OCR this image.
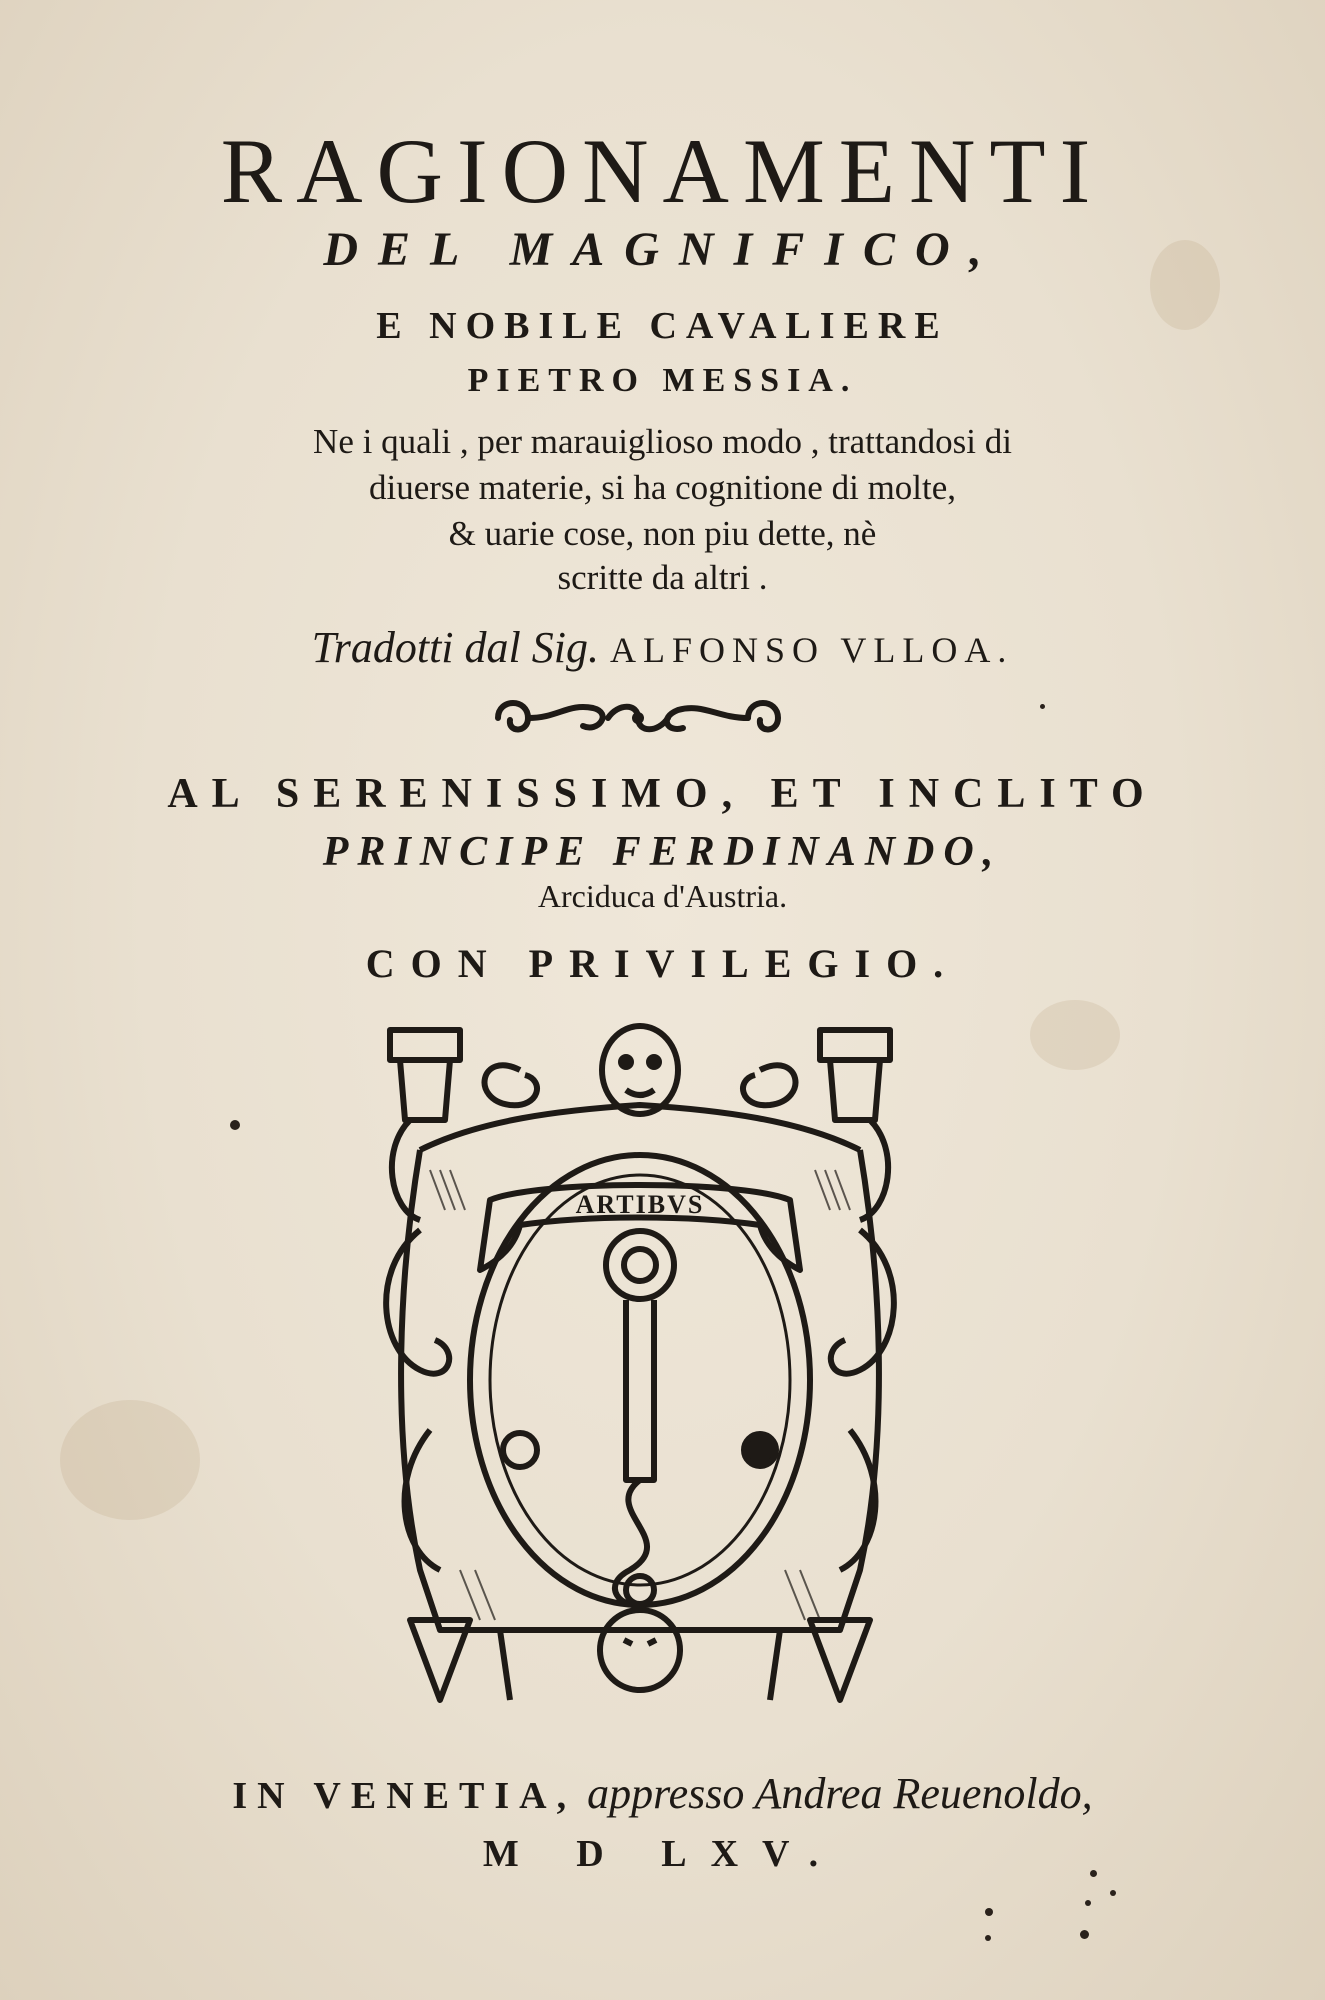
RAGIONAMENTI
DEL MAGNIFICO,
E NOBILE CAVALIERE
PIETRO MESSIA.
Ne i quali , per marauiglioso modo , trattandosi di
diuerse materie, si ha cognitione di molte,
& uarie cose, non piu dette, nè
scritte da altri .
Tradotti dal Sig. ALFONSO VLLOA.
AL SERENISSIMO, ET INCLITO
PRINCIPE FERDINANDO,
Arciduca d'Austria.
CON PRIVILEGIO.
ARTIBVS
IN VENETIA, appresso Andrea Reuenoldo,
M D LXV.
